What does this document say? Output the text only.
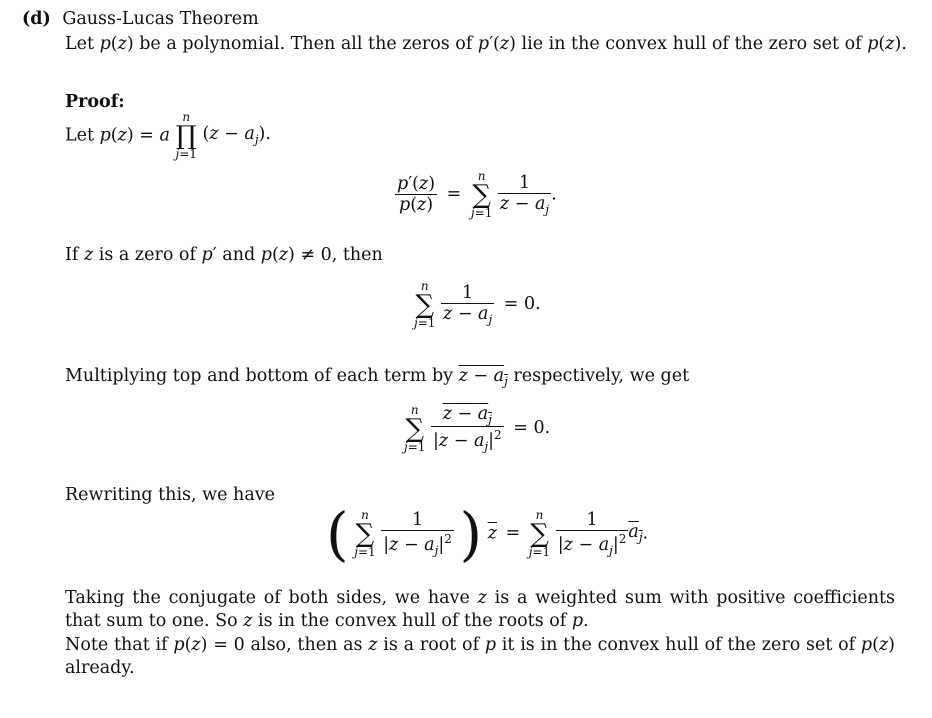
(d) Gauss-Lucas Theorem
Let p(z) be a polynomial. Then all the zeros of p′(z) lie in the convex hull of the zero set of p(z).
Proof:
Let p(z) = a
n
∏
j=1
$(z - a_j)$.
$\frac{p'(z)}{p(z)}$ =
n
∑
j=1
$\frac{1}{z - a_j}$ .
If z is a zero of p′ and p(z) ≠ 0, then
n
∑
j=1
$\frac{1}{z - a_j} = 0$.
Multiplying top and bottom of each term by $z - a_j$ respectively, we get
n
∑
j=1
$\frac{z - a_j}{|z - a_j|^2} = 0$.
Rewriting this, we have
(	n
∑
j=1
$\frac{1}{|z - a_j|^2}$ ) $\overline{z}$ =
n
∑
j=1
$\frac{1}{|z - a_j|^2} a_j$.
Taking the conjugate of both sides, we have z is a weighted sum with positive coefficients that sum to one. So z is in the convex hull of the roots of p.
Note that if p(z) = 0 also, then as z is a root of p it is in the convex hull of the zero set of p(z) already.
